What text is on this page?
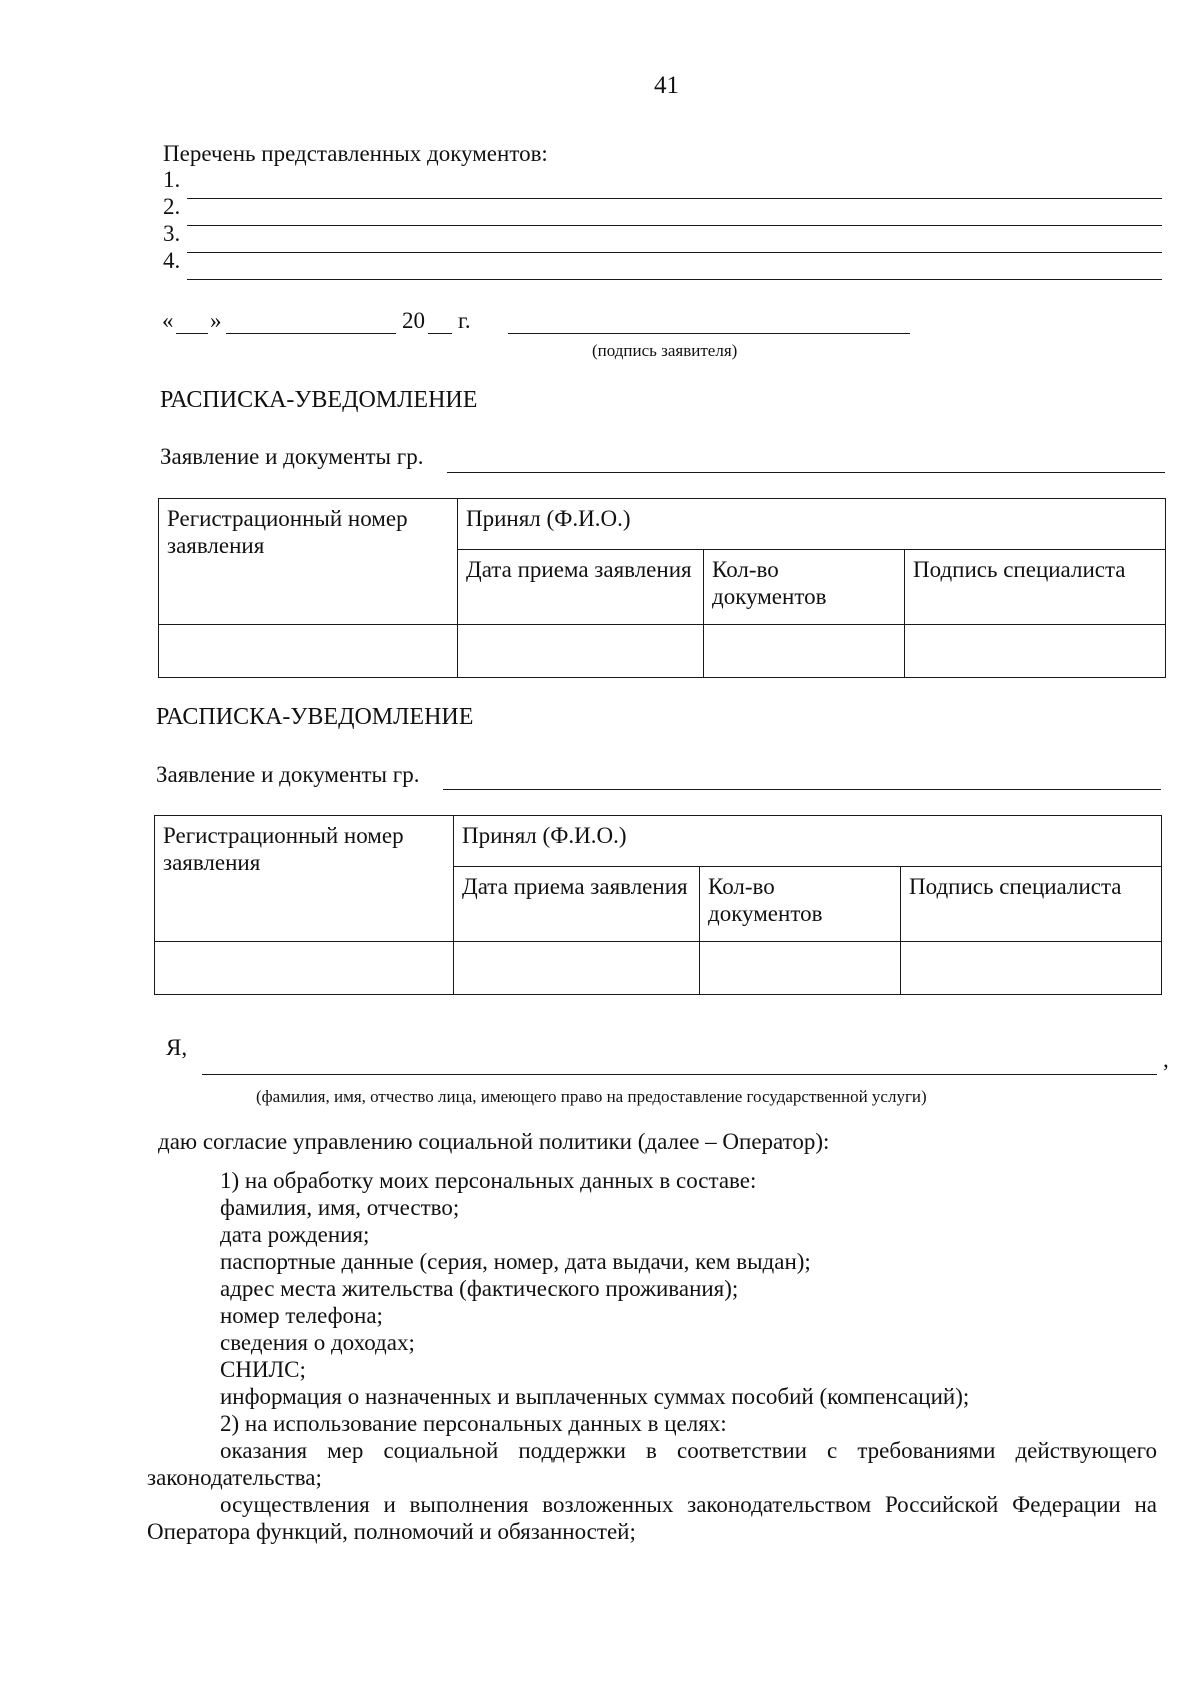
41
Перечень представленных документов:
1.
2.
3.
4.
« »	20 г.
(подпись заявителя)
РАСПИСКА-УВЕДОМЛЕНИЕ
Заявление и документы гр.
Регистрационный номер заявления	Принял (Ф.И.О.)		
	Дата приема заявления	Кол-во документов	Подпись специалиста

РАСПИСКА-УВЕДОМЛЕНИЕ
Заявление и документы гр.
Регистрационный номер заявления	Принял (Ф.И.О.)		
	Дата приема заявления	Кол-во документов	Подпись специалиста

Я,	,
(фамилия, имя, отчество лица, имеющего право на предоставление государственной услуги)
даю согласие управлению социальной политики (далее – Оператор):
1) на обработку моих персональных данных в составе:
фамилия, имя, отчество;
дата рождения;
паспортные данные (серия, номер, дата выдачи, кем выдан);
адрес места жительства (фактического проживания);
номер телефона;
сведения о доходах;
СНИЛС;
информация о назначенных и выплаченных суммах пособий (компенсаций);
2) на использование персональных данных в целях:
оказания мер социальной поддержки в соответствии с требованиями действующего законодательства;
осуществления и выполнения возложенных законодательством Российской Федерации на Оператора функций, полномочий и обязанностей;
